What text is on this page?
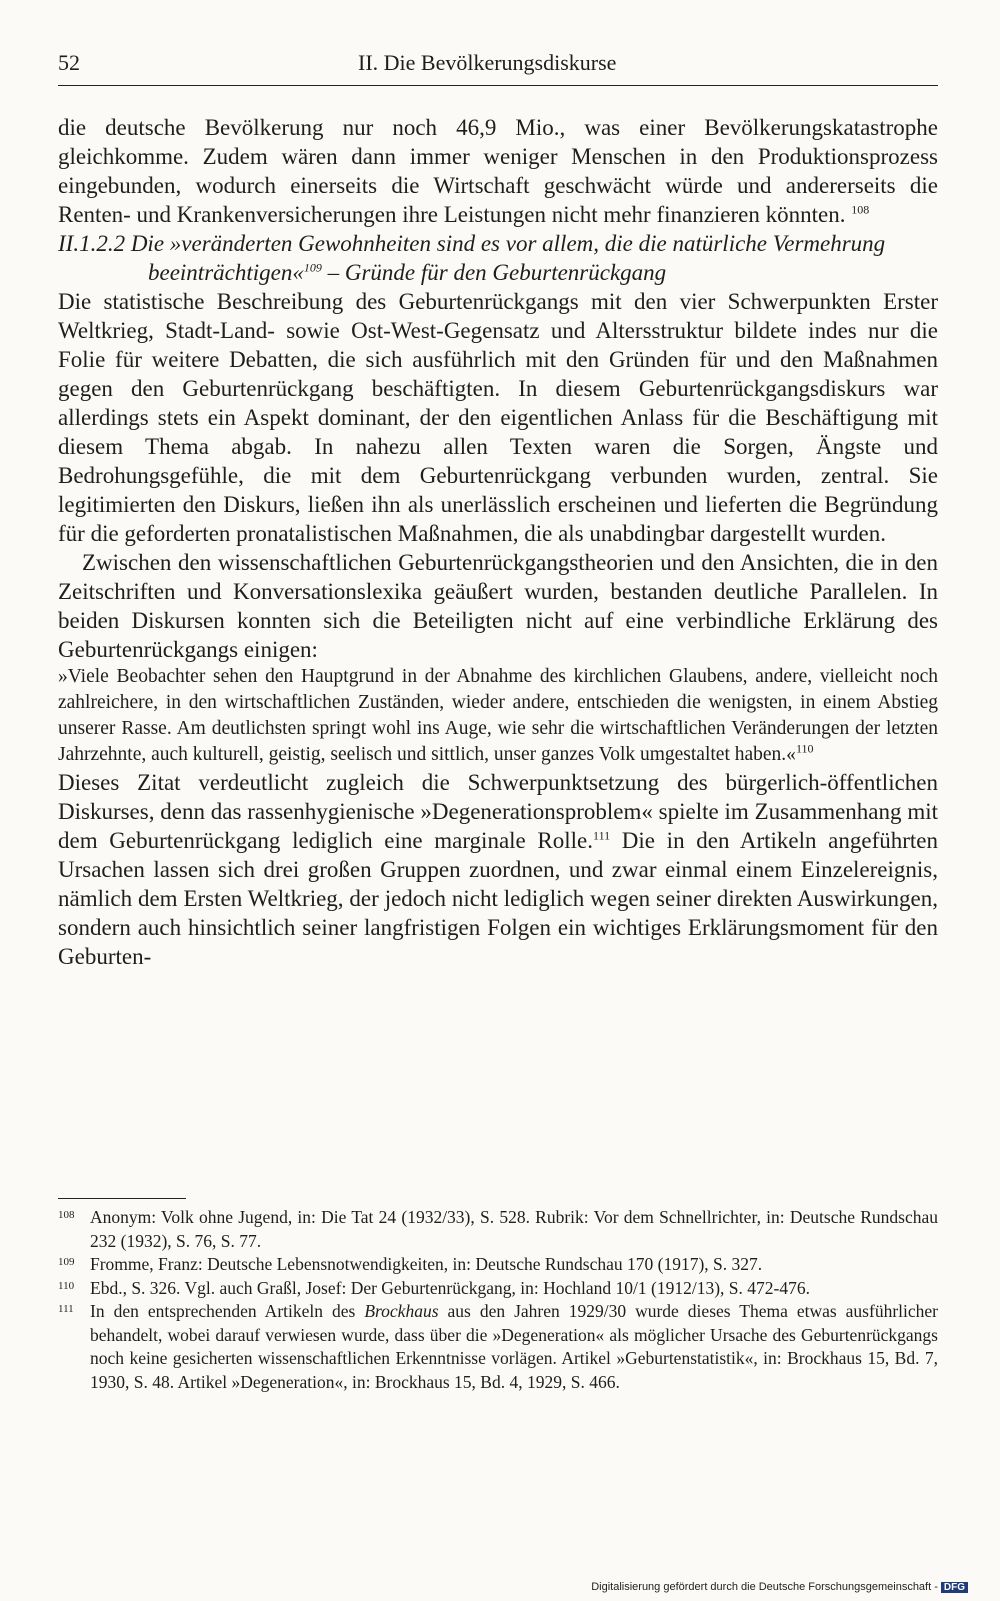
52	II. Die Bevölkerungsdiskurse

die deutsche Bevölkerung nur noch 46,9 Mio., was einer Bevölkerungskatastrophe gleichkomme. Zudem wären dann immer weniger Menschen in den Produktionsprozess eingebunden, wodurch einerseits die Wirtschaft geschwächt würde und andererseits die Renten- und Krankenversicherungen ihre Leistungen nicht mehr finanzieren könnten. $^{108}$

II.1.2.2 Die »veränderten Gewohnheiten sind es vor allem, die die natürliche Vermehrung beeinträchtigen«$^{109}$ – Gründe für den Geburtenrückgang

Die statistische Beschreibung des Geburtenrückgangs mit den vier Schwerpunkten Erster Weltkrieg, Stadt-Land- sowie Ost-West-Gegensatz und Altersstruktur bildete indes nur die Folie für weitere Debatten, die sich ausführlich mit den Gründen für und den Maßnahmen gegen den Geburtenrückgang beschäftigten. In diesem Geburtenrückgangsdiskurs war allerdings stets ein Aspekt dominant, der den eigentlichen Anlass für die Beschäftigung mit diesem Thema abgab. In nahezu allen Texten waren die Sorgen, Ängste und Bedrohungsgefühle, die mit dem Geburtenrückgang verbunden wurden, zentral. Sie legitimierten den Diskurs, ließen ihn als unerlässlich erscheinen und lieferten die Begründung für die geforderten pronatalistischen Maßnahmen, die als unabdingbar dargestellt wurden.

Zwischen den wissenschaftlichen Geburtenrückgangstheorien und den Ansichten, die in den Zeitschriften und Konversationslexika geäußert wurden, bestanden deutliche Parallelen. In beiden Diskursen konnten sich die Beteiligten nicht auf eine verbindliche Erklärung des Geburtenrückgangs einigen:

»Viele Beobachter sehen den Hauptgrund in der Abnahme des kirchlichen Glaubens, andere, vielleicht noch zahlreichere, in den wirtschaftlichen Zuständen, wieder andere, entschieden die wenigsten, in einem Abstieg unserer Rasse. Am deutlichsten springt wohl ins Auge, wie sehr die wirtschaftlichen Veränderungen der letzten Jahrzehnte, auch kulturell, geistig, seelisch und sittlich, unser ganzes Volk umgestaltet haben.«$^{110}$

Dieses Zitat verdeutlicht zugleich die Schwerpunktsetzung des bürgerlich-öffentlichen Diskurses, denn das rassenhygienische »Degenerationsproblem« spielte im Zusammenhang mit dem Geburtenrückgang lediglich eine marginale Rolle.$^{111}$ Die in den Artikeln angeführten Ursachen lassen sich drei großen Gruppen zuordnen, und zwar einmal einem Einzelereignis, nämlich dem Ersten Weltkrieg, der jedoch nicht lediglich wegen seiner direkten Auswirkungen, sondern auch hinsichtlich seiner langfristigen Folgen ein wichtiges Erklärungsmoment für den Geburten-

108 Anonym: Volk ohne Jugend, in: Die Tat 24 (1932/33), S. 528. Rubrik: Vor dem Schnellrichter, in: Deutsche Rundschau 232 (1932), S. 76, S. 77.

109 Fromme, Franz: Deutsche Lebensnotwendigkeiten, in: Deutsche Rundschau 170 (1917), S. 327.

110 Ebd., S. 326. Vgl. auch Graßl, Josef: Der Geburtenrückgang, in: Hochland 10/1 (1912/13), S. 472-476.

111 In den entsprechenden Artikeln des Brockhaus aus den Jahren 1929/30 wurde dieses Thema etwas ausführlicher behandelt, wobei darauf verwiesen wurde, dass über die »Degeneration« als möglicher Ursache des Geburtenrückgangs noch keine gesicherten wissenschaftlichen Erkenntnisse vorlägen. Artikel »Geburtenstatistik«, in: Brockhaus 15, Bd. 7, 1930, S. 48. Artikel »Degeneration«, in: Brockhaus 15, Bd. 4, 1929, S. 466.

Digitalisierung gefördert durch die Deutsche Forschungsgemeinschaft - DFG
